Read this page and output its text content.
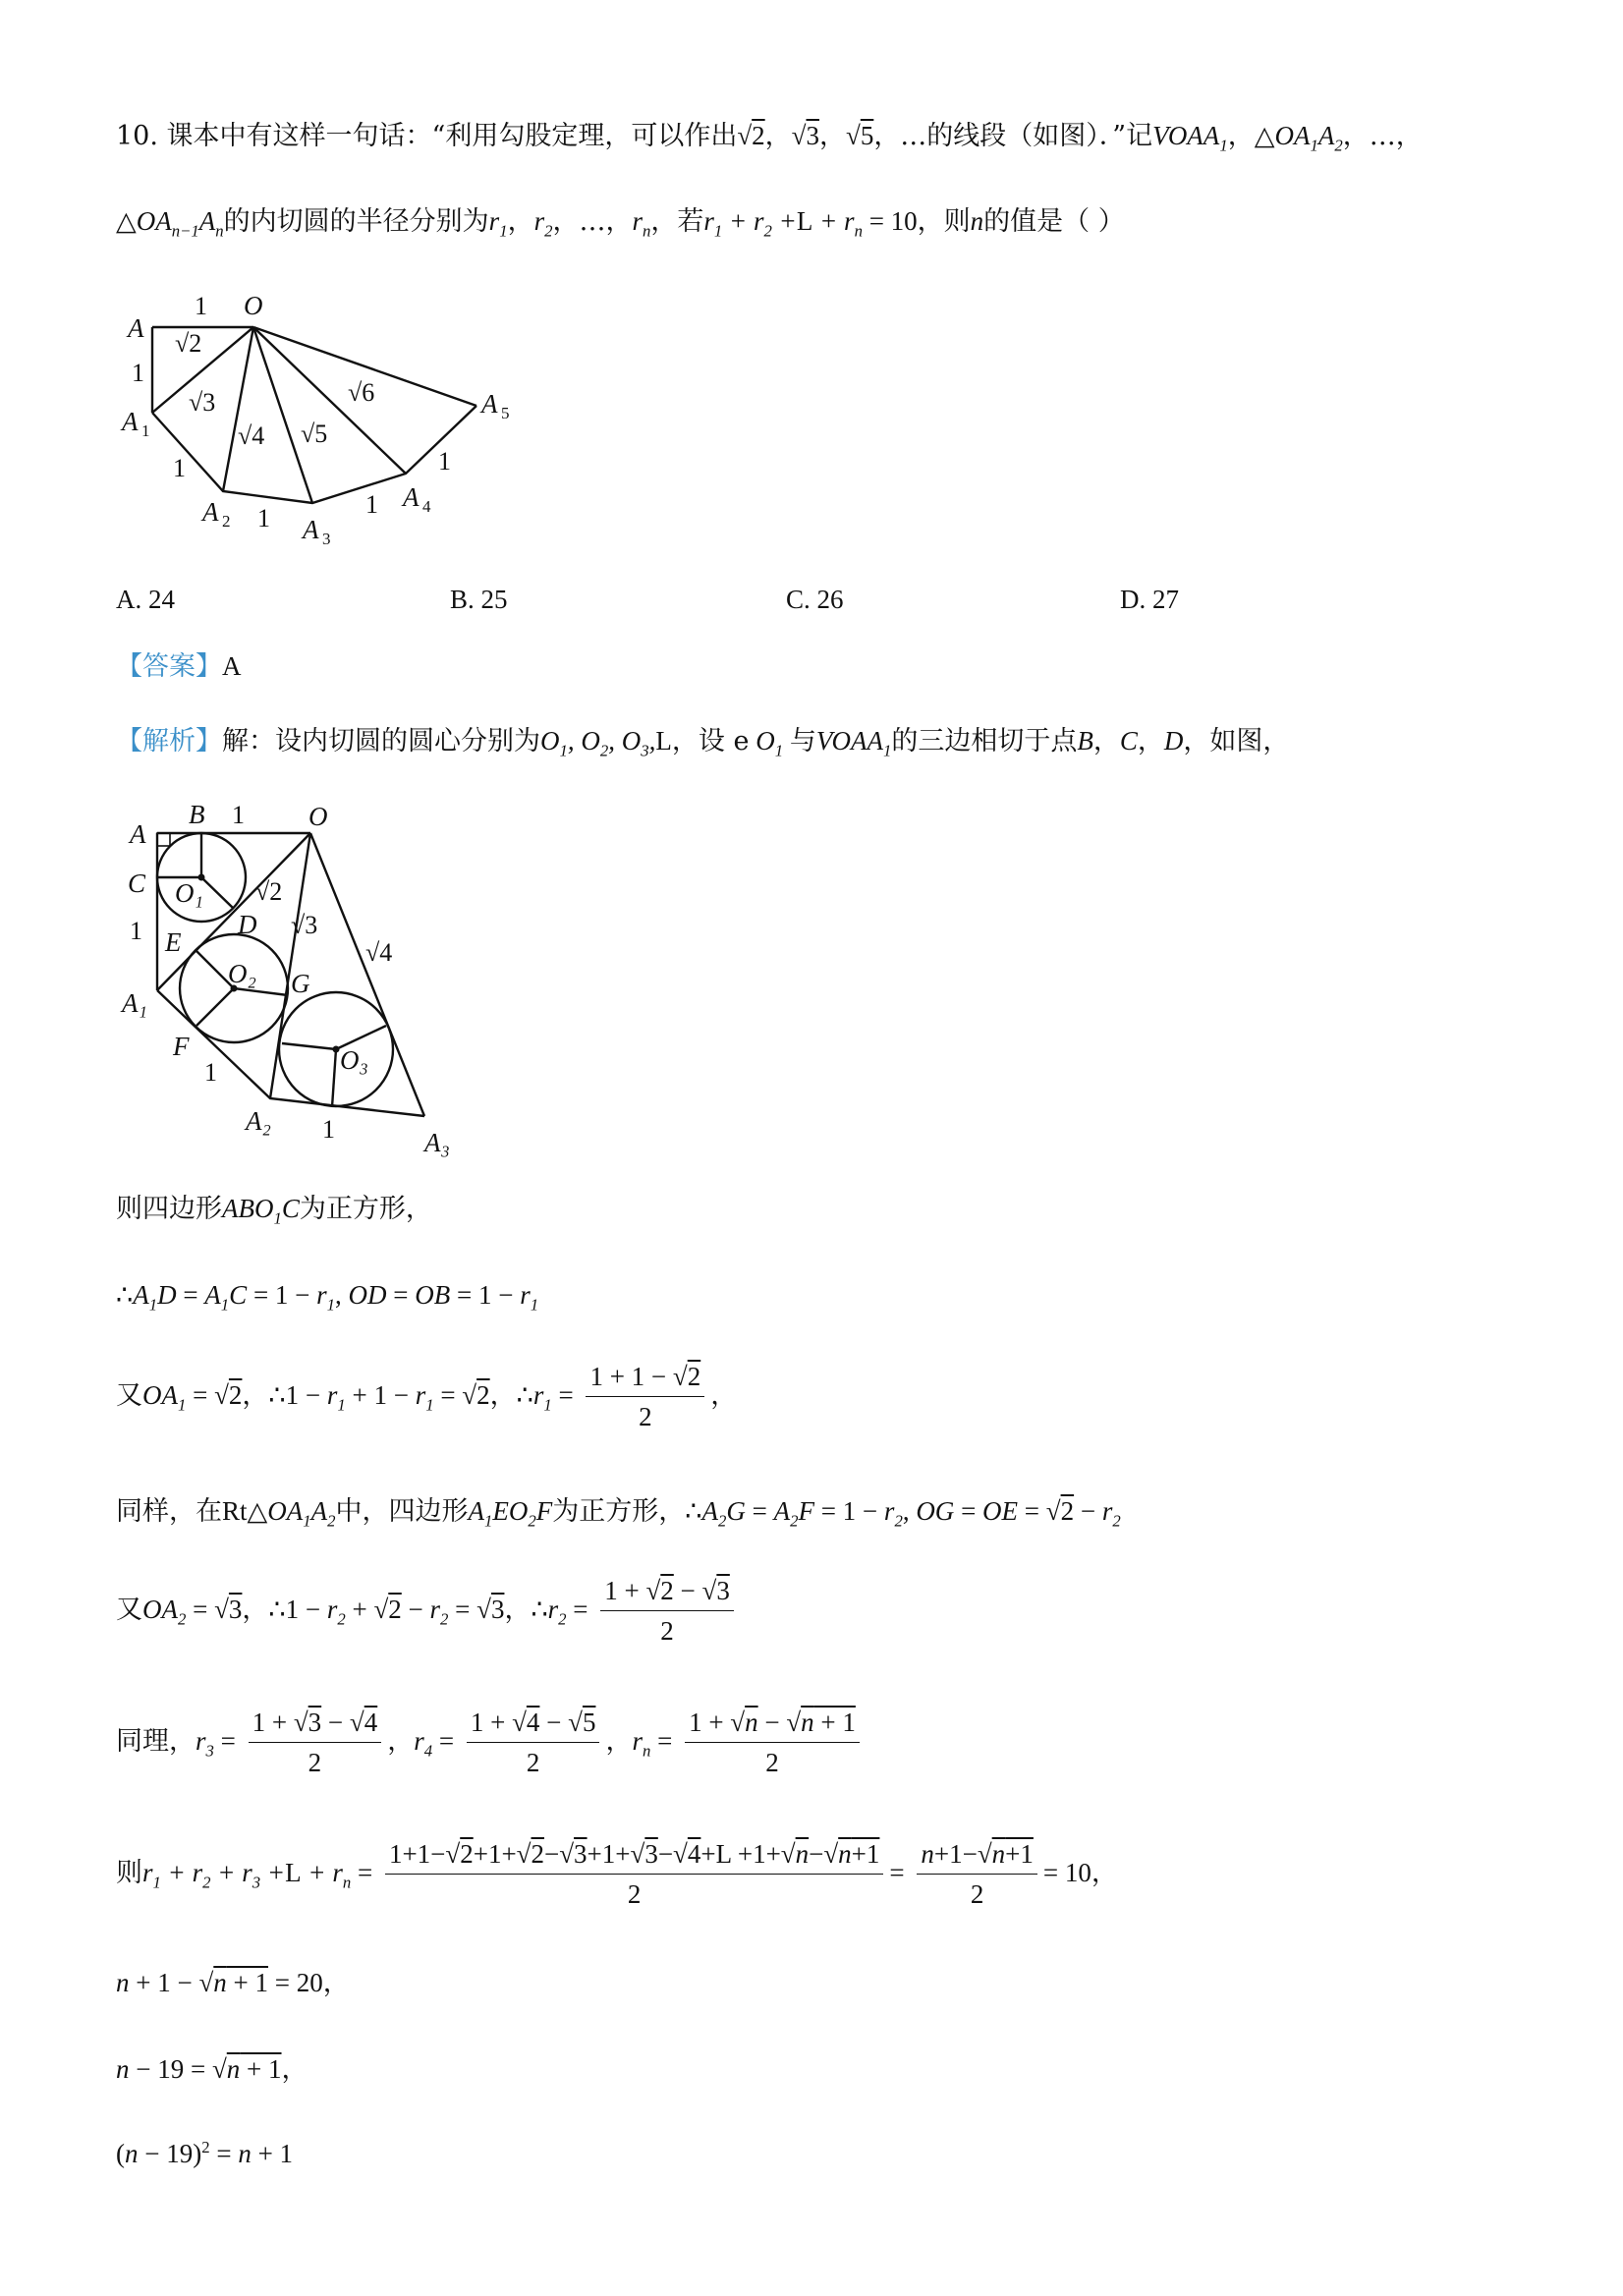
10. 课本中有这样一句话：“利用勾股定理，可以作出√2，√3，√5，…的线段（如图）．”记$VOAA_1$，$\triangle OA_1A_2$，…，
$\triangle OA_{n-1}A_n$的内切圆的半径分别为$r_1$，$r_2$，…，$r_n$，若$r_1 + r_2 +L + r_n = 10$，则n的值是（ ）
A
O
A
A
A
A
A
1
2
3
4
5
1
1
1
1	1
1
√2
√3
√4 √5
√6
A. 24	B. 25	C. 26	D. 27
【答案】A
【解析】解：设内切圆的圆心分别为$O_1$, $O_2$, $O_3,L$，设 e $O_1$ 与$VOAA_1$的三边相切于点B，C，D，如图，
A
B	O
C O₁
E
D
O₂ G
A₁
F	O₃
A₂
A₃
1
1
1
1
√2
√3
√4
则四边形$ABO_1C$为正方形，
$\therefore A_1D = A_1C = 1 - r_1$, OD = OB = $1 - r_1$
又$OA_1 = √2$，∴1 − $r_1 + 1 - r_1 = √2$，$\therefore r_1 = \frac{1 + 1 - √2}{2}$ ，
同样，在$Rt\triangle OA_1A_2$中，四边形$A_1EO_2F$为正方形，$\therefore A_2G = A_2F = 1 - r_2$, OG = OE = $√2 - r_2$
又$OA_2 = √3$，∴1 − $r_2 + √2 - r_2 = √3$，$\therefore r_2 = \frac{1 + √2 - √3}{2}$
同理，$r_3 = \frac{1 + √3 - √4}{2}$ ，$r_4 = \frac{1 + √4 - √5}{2}$ ，$r_n = \frac{1 + √n - √n + 1}{2}$
则$r_1 + r_2 + r_3 +L + r_n = \frac{1+1-√2+1+√2-√3+1+√3-√4+L +1+√n-√n+1}{2} = \frac{n+1-√n+1}{2} = 10$，
n + 1 − √n + 1 = 20，
n − 19 = √n + 1，
$(n - 19)^2 = n + 1$
